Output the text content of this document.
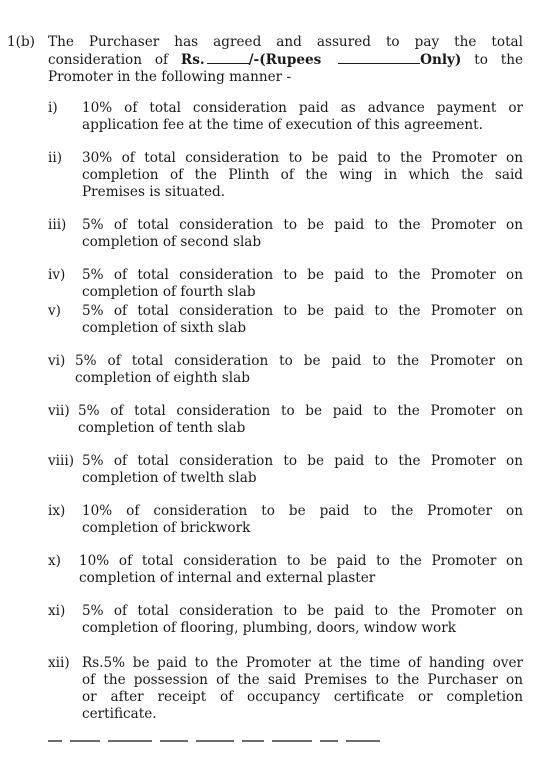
1(b) The Purchaser has agreed and assured to pay the total
consideration of Rs.	/-(Rupees	Only) to the
Promoter in the following manner -
i) 10% of total consideration paid as advance payment or
application fee at the time of execution of this agreement.
ii) 30% of total consideration to be paid to the Promoter on
completion of the Plinth of the wing in which the said
Premises is situated.
iii) 5% of total consideration to be paid to the Promoter on
completion of second slab
iv) 5% of total consideration to be paid to the Promoter on
completion of fourth slab
v) 5% of total consideration to be paid to the Promoter on
completion of sixth slab
vi) 5% of total consideration to be paid to the Promoter on
completion of eighth slab
vii) 5% of total consideration to be paid to the Promoter on
completion of tenth slab
viii) 5% of total consideration to be paid to the Promoter on
completion of twelth slab
ix) 10% of consideration to be paid to the Promoter on
completion of brickwork
x) 10% of total consideration to be paid to the Promoter on
completion of internal and external plaster
xi) 5% of total consideration to be paid to the Promoter on
completion of flooring, plumbing, doors, window work
xii) Rs.5% be paid to the Promoter at the time of handing over
of the possession of the said Premises to the Purchaser on
or after receipt of occupancy certificate or completion
certificate.
